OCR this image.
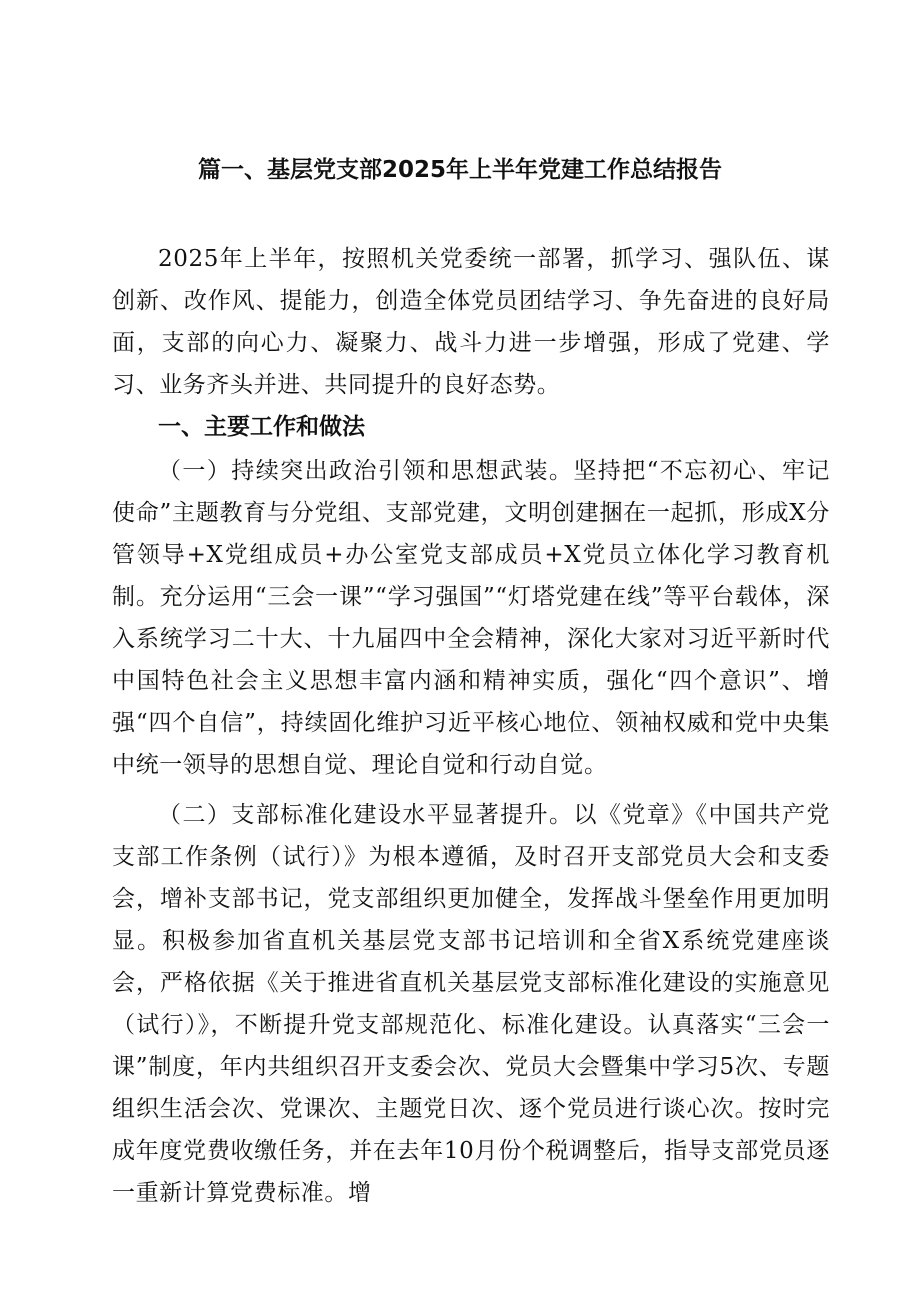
篇一、基层党支部2025年上半年党建工作总结报告

2025年上半年，按照机关党委统一部署，抓学习、强队伍、谋创新、改作风、提能力，创造全体党员团结学习、争先奋进的良好局面，支部的向心力、凝聚力、战斗力进一步增强，形成了党建、学习、业务齐头并进、共同提升的良好态势。

一、主要工作和做法

（一）持续突出政治引领和思想武装。坚持把“不忘初心、牢记使命”主题教育与分党组、支部党建，文明创建捆在一起抓，形成X分管领导+X党组成员+办公室党支部成员+X党员立体化学习教育机制。充分运用“三会一课”“学习强国”“灯塔党建在线”等平台载体，深入系统学习二十大、十九届四中全会精神，深化大家对习近平新时代中国特色社会主义思想丰富内涵和精神实质，强化“四个意识”、增强“四个自信”，持续固化维护习近平核心地位、领袖权威和党中央集中统一领导的思想自觉、理论自觉和行动自觉。

（二）支部标准化建设水平显著提升。以《党章》《中国共产党支部工作条例（试行）》为根本遵循，及时召开支部党员大会和支委会，增补支部书记，党支部组织更加健全，发挥战斗堡垒作用更加明显。积极参加省直机关基层党支部书记培训和全省X系统党建座谈会，严格依据《关于推进省直机关基层党支部标准化建设的实施意见（试行）》，不断提升党支部规范化、标准化建设。认真落实“三会一课”制度，年内共组织召开支委会次、党员大会暨集中学习5次、专题组织生活会次、党课次、主题党日次、逐个党员进行谈心次。按时完成年度党费收缴任务，并在去年10月份个税调整后，指导支部党员逐一重新计算党费标准。增
